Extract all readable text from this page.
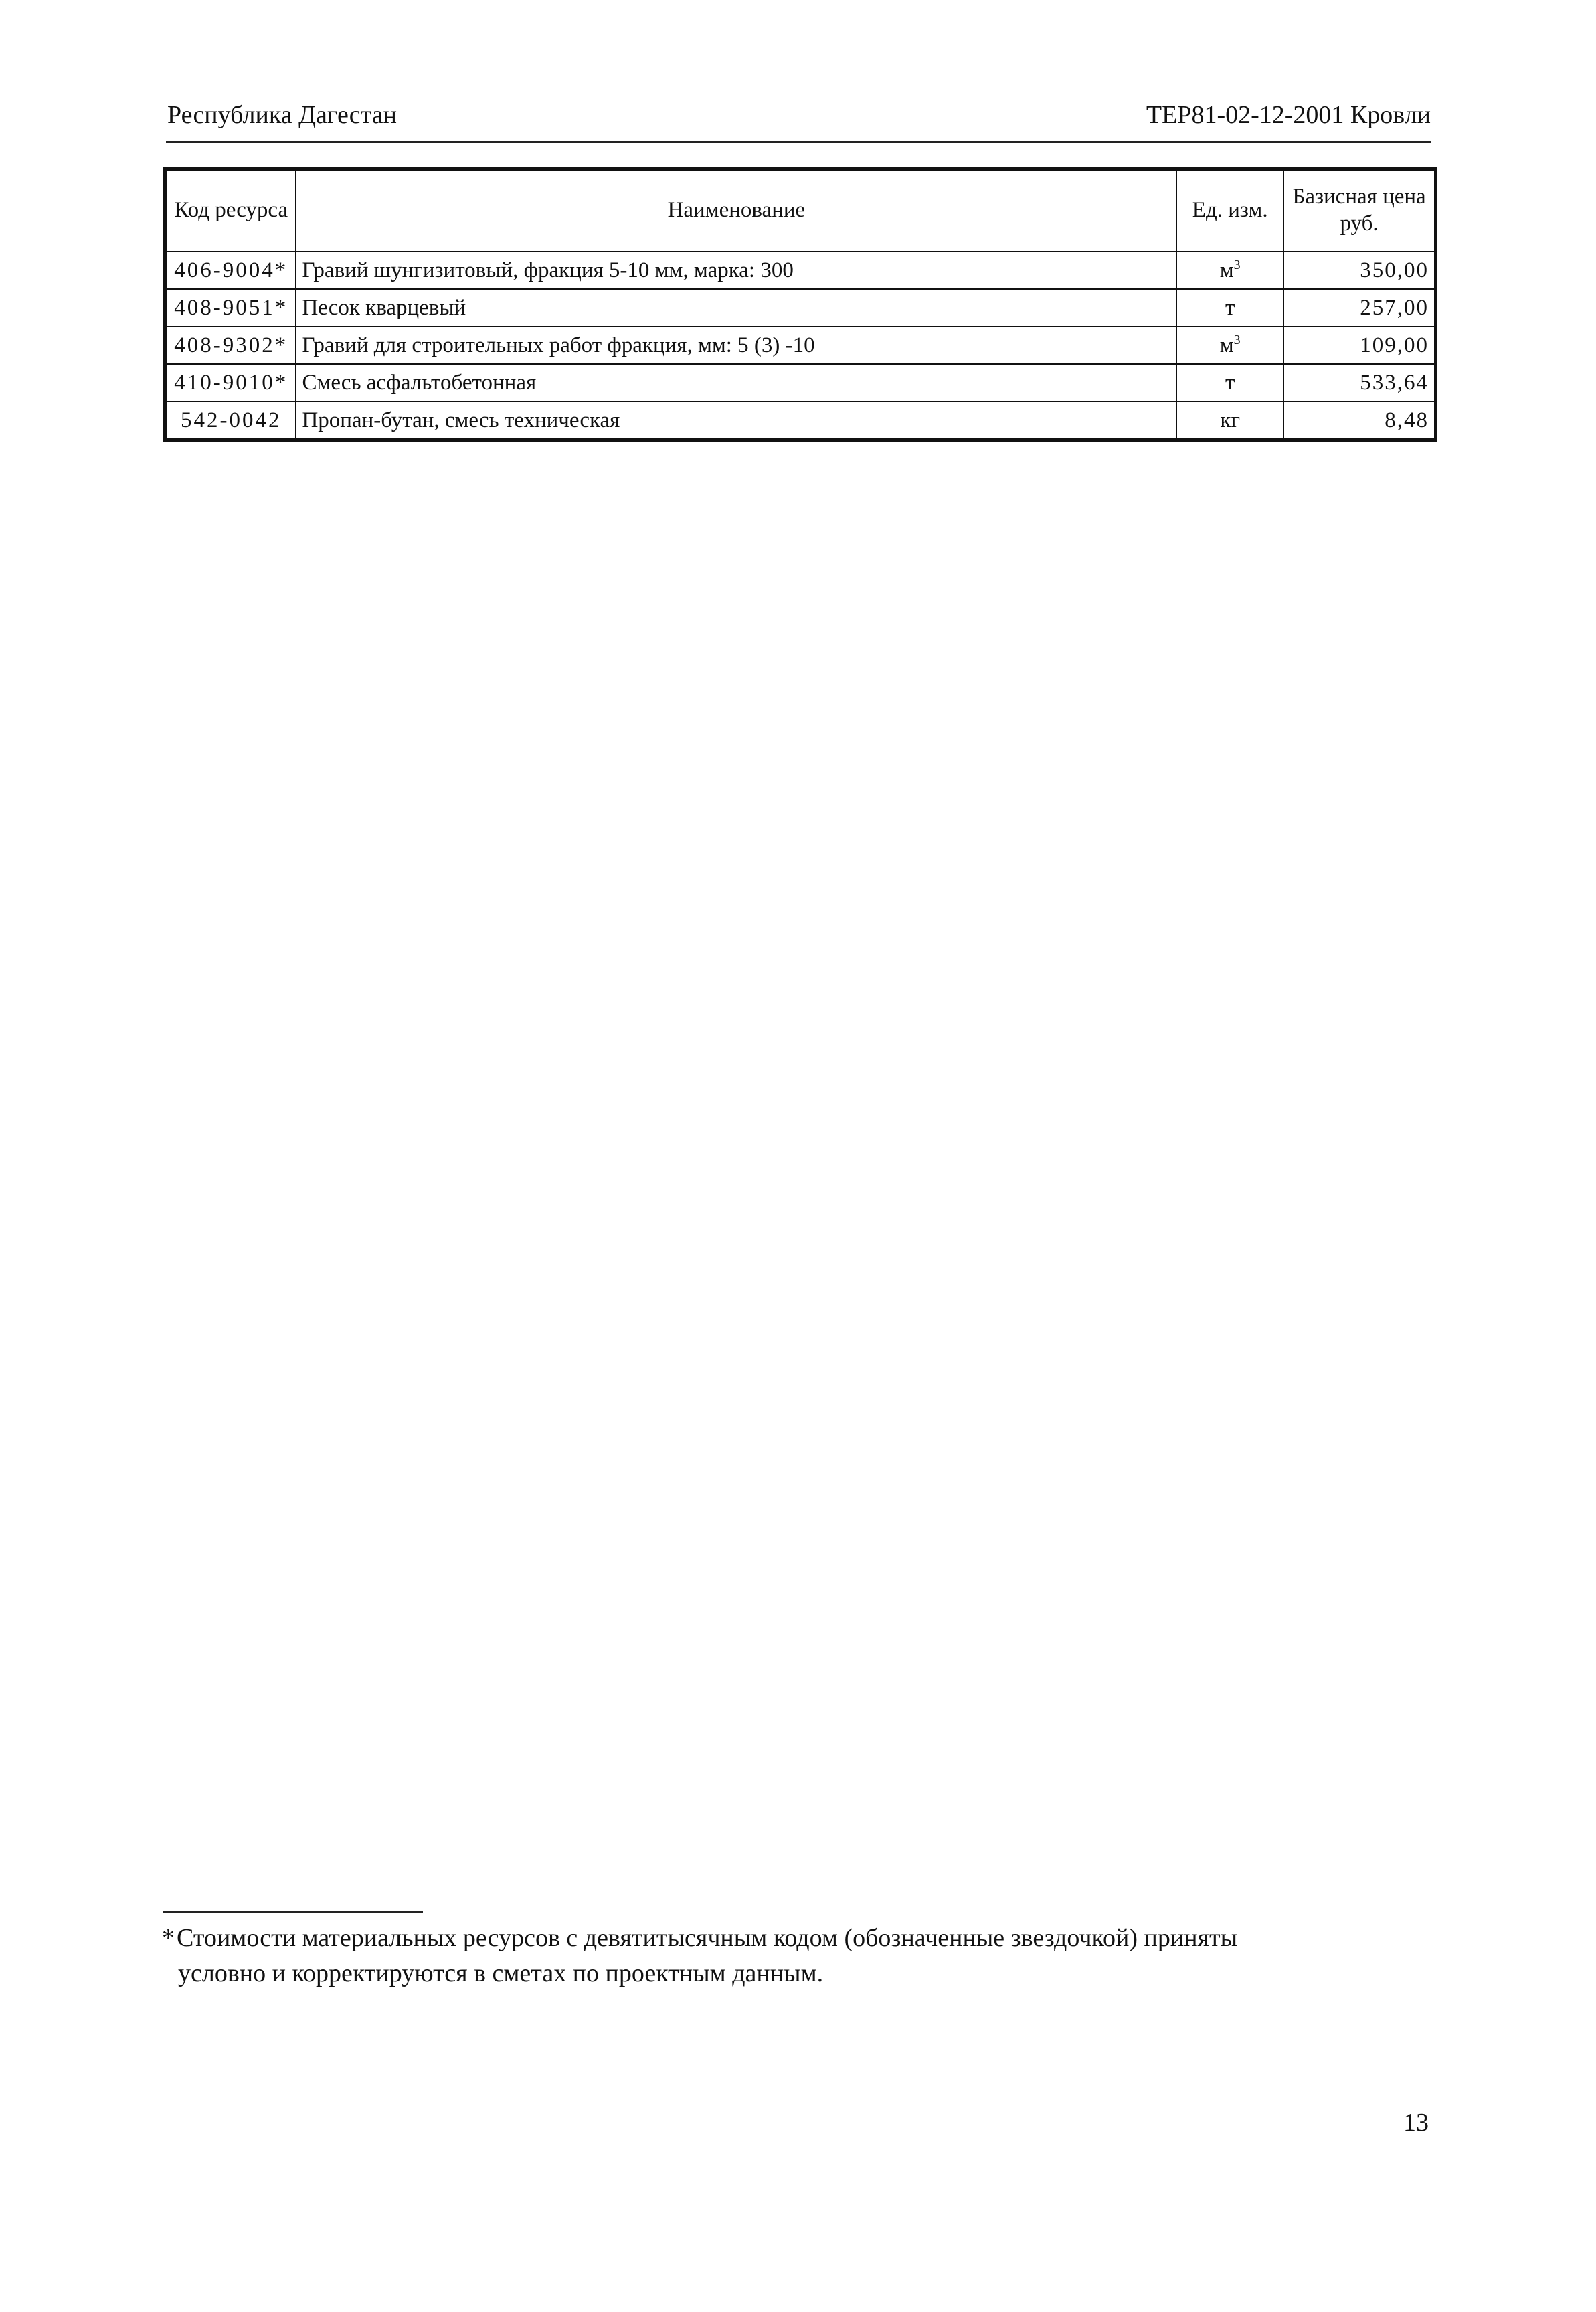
Республика Дагестан	ТЕР81-02-12-2001 Кровли
Код ресурса	Наименование	Ед. изм.	Базисная цена
руб.
406-9004*	Гравий шунгизитовый, фракция 5-10 мм, марка: 300	$м^3$	350,00
408-9051*	Песок кварцевый	т	257,00
408-9302*	Гравий для строительных работ фракция, мм: 5 (3) -10	$м^3$	109,00
410-9010*	Смесь асфальтобетонная	т	533,64
542-0042	Пропан-бутан, смесь техническая	кг	8,48
*Стоимости материальных ресурсов с девятитысячным кодом (обозначенные звездочкой) приняты
условно и корректируются в сметах по проектным данным.
13
